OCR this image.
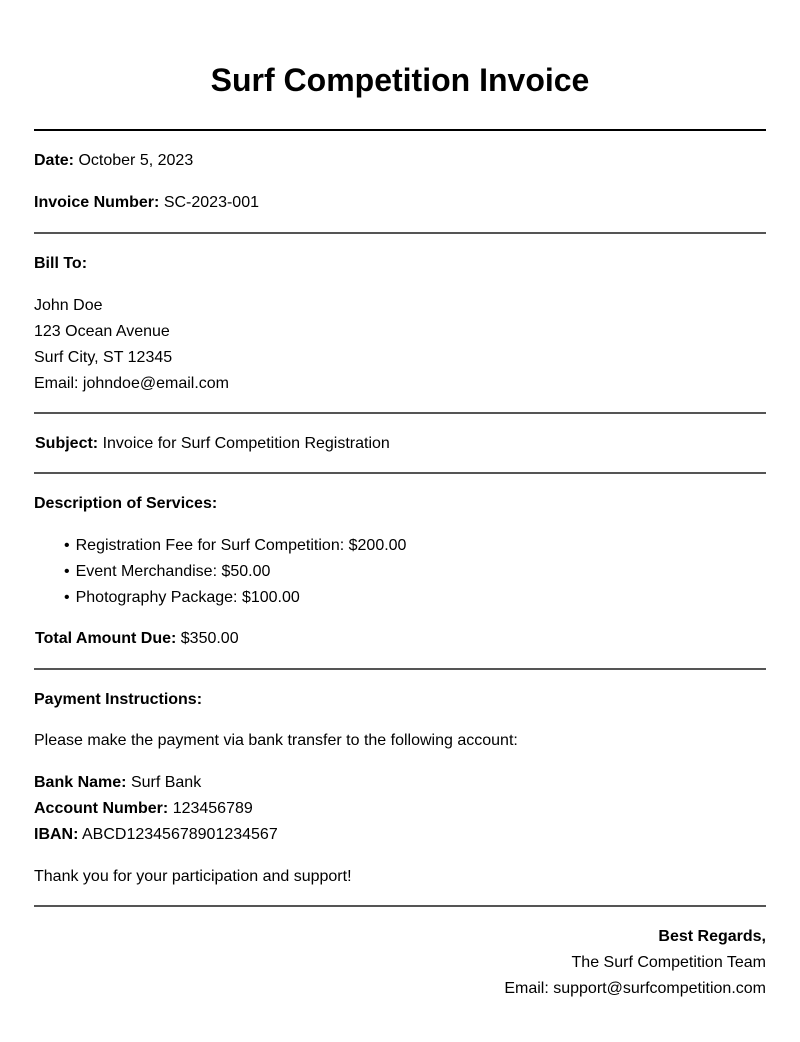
Surf Competition Invoice
Date: October 5, 2023
Invoice Number: SC-2023-001
Bill To:
John Doe
123 Ocean Avenue
Surf City, ST 12345
Email: johndoe@email.com
Subject: Invoice for Surf Competition Registration
Description of Services:
• Registration Fee for Surf Competition: $200.00
• Event Merchandise: $50.00
• Photography Package: $100.00
Total Amount Due: $350.00
Payment Instructions:
Please make the payment via bank transfer to the following account:
Bank Name: Surf Bank
Account Number: 123456789
IBAN: ABCD12345678901234567
Thank you for your participation and support!
Best Regards,
The Surf Competition Team
Email: support@surfcompetition.com
